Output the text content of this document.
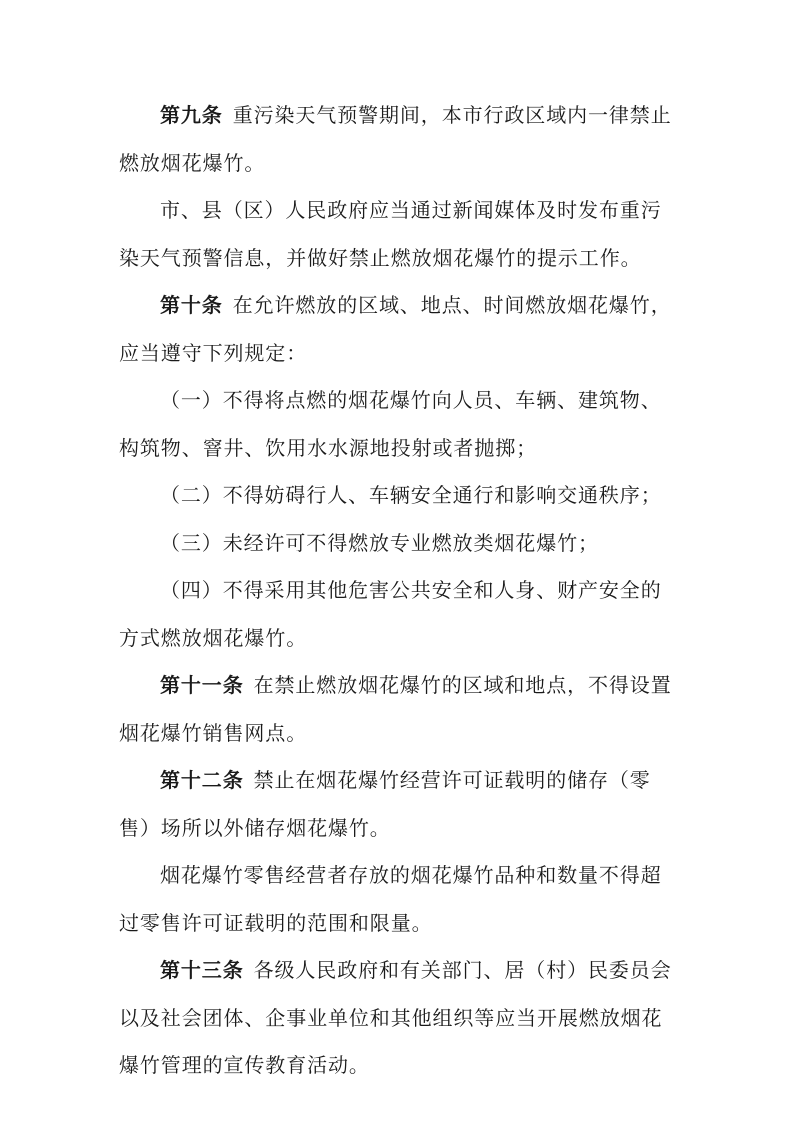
第九条 重污染天气预警期间，本市行政区域内一律禁止
燃放烟花爆竹。
市、县（区）人民政府应当通过新闻媒体及时发布重污
染天气预警信息，并做好禁止燃放烟花爆竹的提示工作。
第十条 在允许燃放的区域、地点、时间燃放烟花爆竹，
应当遵守下列规定：
（一）不得将点燃的烟花爆竹向人员、车辆、建筑物、
构筑物、窨井、饮用水水源地投射或者抛掷；
（二）不得妨碍行人、车辆安全通行和影响交通秩序；
（三）未经许可不得燃放专业燃放类烟花爆竹；
（四）不得采用其他危害公共安全和人身、财产安全的
方式燃放烟花爆竹。
第十一条 在禁止燃放烟花爆竹的区域和地点，不得设置
烟花爆竹销售网点。
第十二条 禁止在烟花爆竹经营许可证载明的储存（零
售）场所以外储存烟花爆竹。
烟花爆竹零售经营者存放的烟花爆竹品种和数量不得超
过零售许可证载明的范围和限量。
第十三条 各级人民政府和有关部门、居（村）民委员会
以及社会团体、企事业单位和其他组织等应当开展燃放烟花
爆竹管理的宣传教育活动。
